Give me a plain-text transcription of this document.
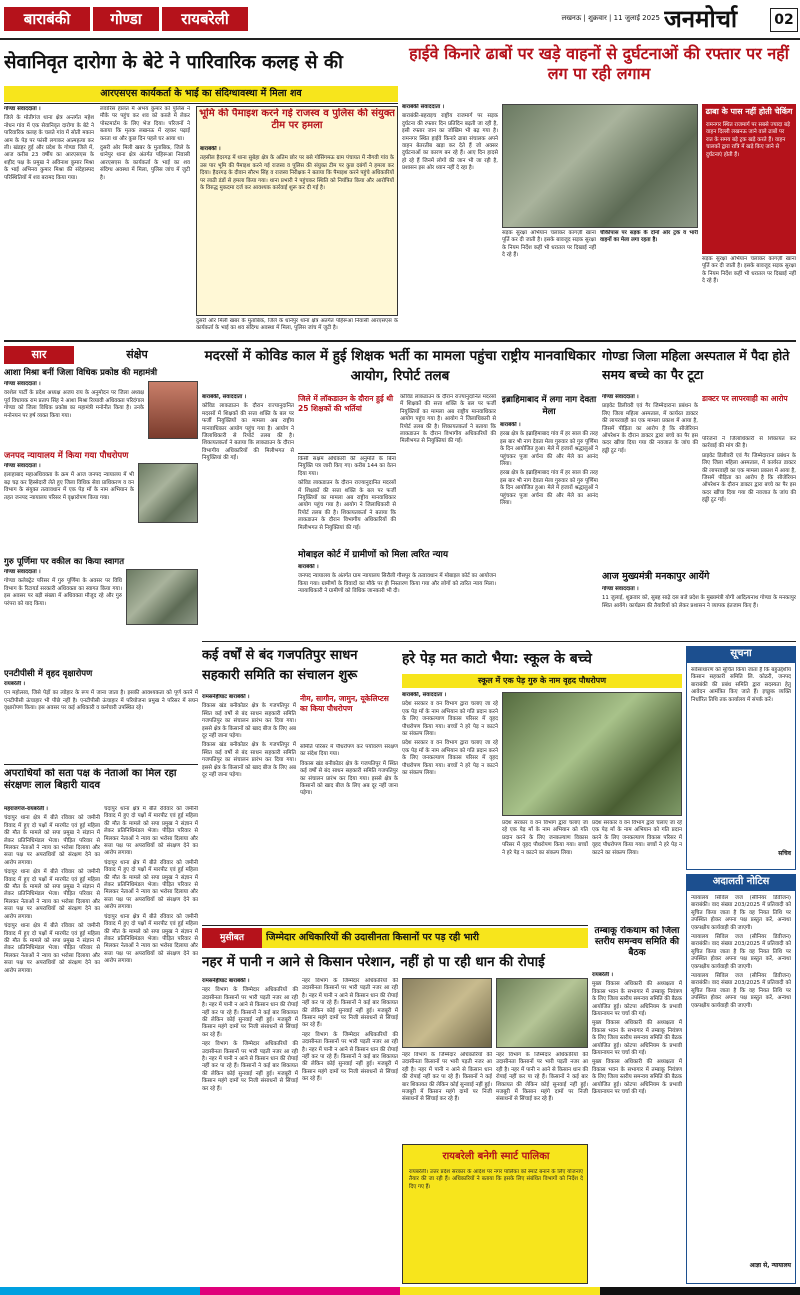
बाराबंकी	गोण्डा	रायबरेली	लखनऊ | शुक्रवार | 11 जुलाई 2025 जनमोर्चा	02
सेवानिवृत दारोगा के बेटे ने पारिवारिक कलह से की
आरएसएस कार्यकर्ता के भाई का संदिग्धावस्था में मिला शव

गोण्डा संवाददाता ।

जिले के मोतीगंज थाना क्षेत्र अन्तर्गत महेश नोधन गांव में एक सेवानिवृत दारोगा के बेटे ने पारिवारिक कलह के चलते गांव में सोती मकान आम के पेड़ पर फांसी लगाकर आत्महत्या कर ली। खंडहर हुई और प्रदेश के गोण्डा जिले में, आज करीब 23 वर्षीय का आरएसएस के शहीद पक्ष के प्रमुख ने अविनाश कुमार मिश्रा के भाई अभिनव कुमार मिश्रा की संदेहास्पद परिस्थितियों में शव बरामद किया गया।

लवारिस हालत में अभय कुमार को पुलिस ने मौके पर पहुंच कर शव को कब्जे में लेकर पोस्टमार्टम के लिए भेज दिया। परिजनों ने बताया कि मृतक लखनऊ में रहकर पढ़ाई करता था और कुछ दिन पहले घर आया था।

दुसरी ओर मिली खबर के मुताबिक, जिले के धानेपुर थाना क्षेत्र अंतर्गत पहिरूआ निवासी आरएसएस के कार्यकर्ता के भाई का शव संदिग्ध अवस्था में मिला, पुलिस जांच में जुटी है।

भूमि की पैमाइश करने गई राजस्व व पुलिस की संयुक्त टीम पर हमला

बाराबंकी ।

तहसील हैदरगढ़ में थाना सुबेहा क्षेत्र के अतिम छोर पर बसे गोसिंगमऊ ग्राम पंचायत में नौगवी गांव के उस पार भूमि की पैमाइश करने गई राजस्व व पुलिस की संयुक्त टीम पर कुछ दबंगों ने हमला कर दिया। हैदरगढ़ के दीवान सौरभ सिंह व राजस्व निरीक्षक ने बताया कि पैमाइश करने पहुंचे अधिकारियों पर लाठी डंडों से हमला किया गया। थाना प्रभारी ने पहुंचकर स्थिति को नियंत्रित किया और आरोपियों के विरुद्ध मुकदमा दर्ज कर आवश्यक कार्रवाई शुरू कर दी गई है।

दुसरी ओर मिली खबर के मुताबिक, जिले के धानेपुर थाना क्षेत्र अंतर्गत पहिरूआ निवासी आरएसएस के कार्यकर्ता के भाई का शव संदिग्ध अवस्था में मिला, पुलिस जांच में जुटी है।

हाईवे किनारे ढाबों पर खड़े वाहनों से दुर्घटनाओं की रफ्तार पर नहीं लग पा रही लगाम

बाराबंकी संवाददाता ।

बाराबंकी-बहराइच राष्ट्रीय राजमार्ग पर सड़क दुर्घटना की रफ्तार दिन प्रतिदिन बढ़ती जा रही है, इसी रफ्तार जान का जोखिम भी बढ़ गया है। रामनगर स्थित हाईवे किनारे ढाबा संचालक अपने वाहन बेतरतीब खड़ा कर देते हैं जो अक्सर दुर्घटनाओं का कारण बन रहे हैं। आए दिन हादसे हो रहे हैं जिनमें लोगों की जान भी जा रही है, प्रशासन इस ओर ध्यान नहीं दे रहा है।

चौकीपास पर सड़क के दोनों ओर ट्रक व भारी वाहनों का मेला लगा रहता है।

सड़क सुरक्षा अभियान चलाकर कागज़ी खाना पूर्ति कर दी जाती है। इसके बावजूद सड़क सुरक्षा के नियम निर्देश कहीं भी धरातल पर दिखाई नहीं दे रहे हैं।

ढाबा के पास नहीं होती चेकिंग
रामनगर स्थित राजमार्ग पर सबसे ज्यादा बड़े वाहन दिल्ली लखनऊ जाने वाले ढाबों पर रात के समय बड़े ट्रक खड़े करते हैं। वाहन चालकों द्वारा रात्रि में खड़े किए जाने से दुर्घटनाएं होती हैं।

सड़क सुरक्षा अभियान चलाकर कागज़ी खाना पूर्ति कर दी जाती है। इसके बावजूद सड़क सुरक्षा के नियम निर्देश कहीं भी धरातल पर दिखाई नहीं दे रहे हैं।

सार	संक्षेप
आशा मिश्रा बनीं जिला विधिक प्रकोष्ठ की महामंत्री

गोण्डा संवाददाता ।

वरशेल पार्टी के प्रदेश अध्यक्ष अजय राय के अनुमोदन पर जिला अध्यक्ष पूर्व विधायक राम प्रताप सिंह ने आशा मिश्रा रिव्यावी अधिवक्ता परिदंगाल गोण्डा को जिला विधिक प्रकोष्ठ का महामंत्री मनोनीत किया है। उनके मनोनयन पर हर्ष व्यक्त किया गया।

जनपद न्यायालय में किया गया पौधरोपण

गोण्डा संवाददाता ।

इलाहाबाद महाअधिवक्ता के क्रम में आज जनपद न्यायालय में भी बढ़ चढ़ कर हिस्सेदारी लेते हुए जिला विधिक सेवा प्राधिकरण व वन विभाग के संयुक्त तत्वावधान में एक पेड़ माँ के नाम अभियान के तहत जनपद न्यायालय परिसर में वृक्षारोपण किया गया।

गुरु पूर्णिमा पर वकील का किया स्वागत

गोण्डा संवाददाता ।

गोण्डा कलेक्ट्रेट परिसर में गुरु पूर्णिमा के अवसर पर विधि विभाग के रिटायर्ड सरकारी अधिवक्ता का स्वागत किया गया। इस अवसर पर बड़ी संख्या में अधिवक्ता मौजूद रहे और गुरु परंपरा को याद किया।

एनटीपीसी में वृहद वृक्षारोपण

रायबरेली ।

एन महोत्सव, जिसे पेड़ों का त्योहार के रूप में जाना जाता है। इसकी आवश्यकता को पूर्ण करने में एनटीपीसी ऊंचाहार भी पीछे नहीं है। एनटीपीसी ऊंचाहार में परियोजना प्रमुख ने परिसर में सघन वृक्षारोपण किया। इस अवसर पर कई अधिकारी व कर्मचारी उपस्थित रहे।

अपराधियों को सता पक्ष के नेताओं का मिल रहा संरक्षणः लाल बिहारी यादव

महराजगंज-रायबरेली ।

चंदापुर थाना क्षेत्र में बीते रविवार को जमीनी विवाद में हुए दो पक्षों में मारपीट एवं हुई महिला की मौत के मामले को सपा प्रमुख ने संज्ञान में लेकर प्रतिनिधिमंडल भेजा। पीड़ित परिवार से मिलकर नेताओं ने न्याय का भरोसा दिलाया और सत्ता पक्ष पर अपराधियों को संरक्षण देने का आरोप लगाया।

चंदापुर थाना क्षेत्र में बीते रविवार को जमीनी विवाद में हुए दो पक्षों में मारपीट एवं हुई महिला की मौत के मामले को सपा प्रमुख ने संज्ञान में लेकर प्रतिनिधिमंडल भेजा। पीड़ित परिवार से मिलकर नेताओं ने न्याय का भरोसा दिलाया और सत्ता पक्ष पर अपराधियों को संरक्षण देने का आरोप लगाया।

चंदापुर थाना क्षेत्र में बीते रविवार को जमीनी विवाद में हुए दो पक्षों में मारपीट एवं हुई महिला की मौत के मामले को सपा प्रमुख ने संज्ञान में लेकर प्रतिनिधिमंडल भेजा। पीड़ित परिवार से मिलकर नेताओं ने न्याय का भरोसा दिलाया और सत्ता पक्ष पर अपराधियों को संरक्षण देने का आरोप लगाया।

चंदापुर थाना क्षेत्र में बीते रविवार को जमीनी विवाद में हुए दो पक्षों में मारपीट एवं हुई महिला की मौत के मामले को सपा प्रमुख ने संज्ञान में लेकर प्रतिनिधिमंडल भेजा। पीड़ित परिवार से मिलकर नेताओं ने न्याय का भरोसा दिलाया और सत्ता पक्ष पर अपराधियों को संरक्षण देने का आरोप लगाया।

चंदापुर थाना क्षेत्र में बीते रविवार को जमीनी विवाद में हुए दो पक्षों में मारपीट एवं हुई महिला की मौत के मामले को सपा प्रमुख ने संज्ञान में लेकर प्रतिनिधिमंडल भेजा। पीड़ित परिवार से मिलकर नेताओं ने न्याय का भरोसा दिलाया और सत्ता पक्ष पर अपराधियों को संरक्षण देने का आरोप लगाया।

चंदापुर थाना क्षेत्र में बीते रविवार को जमीनी विवाद में हुए दो पक्षों में मारपीट एवं हुई महिला की मौत के मामले को सपा प्रमुख ने संज्ञान में लेकर प्रतिनिधिमंडल भेजा। पीड़ित परिवार से मिलकर नेताओं ने न्याय का भरोसा दिलाया और सत्ता पक्ष पर अपराधियों को संरक्षण देने का आरोप लगाया।

मदरसों में कोविड काल में हुई शिक्षक भर्ती का मामला पहुंचा राष्ट्रीय मानवाधिकार आयोग, रिपोर्ट तलब

बाराबंकी, संवाददाता ।

कोविड लाकडाउन के दौरान राज्यानुदानित मदरसों में शिक्षकों की सत्ता शक्ति के बल पर फर्जी नियुक्तियों का मामला अब राष्ट्रीय मानवाधिकार आयोग पहुंच गया है। आयोग ने जिलाधिकारी से रिपोर्ट तलब की है। शिकायतकर्ता ने बताया कि लाकडाउन के दौरान विभागीय अधिकारियों की मिलीभगत से नियुक्तियां की गईं।

जिले में लॉकडाउन के दौरान हुई थी 25 शिक्षकों की भर्तियां

किसी सक्षम अधिकारी की अनुमति के बिना नियुक्ति पत्र जारी किए गए। करीब 144 का वेतन दिया गया।

कोविड लाकडाउन के दौरान राज्यानुदानित मदरसों में शिक्षकों की सत्ता शक्ति के बल पर फर्जी नियुक्तियों का मामला अब राष्ट्रीय मानवाधिकार आयोग पहुंच गया है। आयोग ने जिलाधिकारी से रिपोर्ट तलब की है। शिकायतकर्ता ने बताया कि लाकडाउन के दौरान विभागीय अधिकारियों की मिलीभगत से नियुक्तियां की गईं।

कोविड लाकडाउन के दौरान राज्यानुदानित मदरसों में शिक्षकों की सत्ता शक्ति के बल पर फर्जी नियुक्तियों का मामला अब राष्ट्रीय मानवाधिकार आयोग पहुंच गया है। आयोग ने जिलाधिकारी से रिपोर्ट तलब की है। शिकायतकर्ता ने बताया कि लाकडाउन के दौरान विभागीय अधिकारियों की मिलीभगत से नियुक्तियां की गईं।

मोबाइल कोर्ट में ग्रामीणों को मिला त्वरित न्याय

बाराबंकी ।

जनपद न्यायालय के अंतर्गत ग्राम न्यायालय सिरौली गौसपुर के तत्वावधान में मोबाइल कोर्ट का आयोजन किया गया। ग्रामीणों के विवादों का मौके पर ही निस्तारण किया गया और लोगों को त्वरित न्याय मिला। न्यायाधिकारी ने ग्रामीणों को विधिक जानकारी भी दी।

इब्राहिमाबाद में लगा नाग देवता मेला

बाराबंकी ।

हरख क्षेत्र के इब्राहिमाबाद गांव में हर साल की तरह इस बार भी नाग देवता मेला गुरुवार को गुरु पूर्णिमा के दिन आयोजित हुआ। मेले में हजारों श्रद्धालुओं ने पहुंचकर पूजा अर्चना की और मेले का आनंद लिया।

हरख क्षेत्र के इब्राहिमाबाद गांव में हर साल की तरह इस बार भी नाग देवता मेला गुरुवार को गुरु पूर्णिमा के दिन आयोजित हुआ। मेले में हजारों श्रद्धालुओं ने पहुंचकर पूजा अर्चना की और मेले का आनंद लिया।

गोण्डा जिला महिला अस्पताल में पैदा होते समय बच्चे का पैर टूटा

गोण्डा संवाददाता ।

प्राइवेट डिलीवरी एवं गैर जिम्मेदाराना प्रबंधन के लिए जिला महिला अस्पताल, में कार्यरत डाक्टर की लापरवाही का एक मामला प्रकाश में आया है, जिसमें पीड़िता का आरोप है कि सीजेरियन ऑपरेशन के दौरान डाक्टर द्वारा बच्चे का पैर इस कदर खींचा दिया गया की नवजात के जांघ की हड्डी टूट गई।

डाक्टर पर लापरवाही का आरोप

परिजनों ने जिलाधिकारी से शिकायत कर कार्रवाई की मांग की है।

प्राइवेट डिलीवरी एवं गैर जिम्मेदाराना प्रबंधन के लिए जिला महिला अस्पताल, में कार्यरत डाक्टर की लापरवाही का एक मामला प्रकाश में आया है, जिसमें पीड़िता का आरोप है कि सीजेरियन ऑपरेशन के दौरान डाक्टर द्वारा बच्चे का पैर इस कदर खींचा दिया गया की नवजात के जांघ की हड्डी टूट गई।

आज मुख्यमंत्री मनकापुर आयेंगे

गोण्डा संवाददाता ।

11 जुलाई, शुक्रवार को, सुबह साढ़े दस बजे प्रदेश के मुख्यमंत्री योगी आदित्यनाथ गोण्डा के मनकापुर स्थित आयेंगे। कार्यक्रम की तैयारियों को लेकर प्रशासन ने व्यापक इंतजाम किए हैं।

कई वर्षों से बंद गजपतिपुर साधन सहकारी समिति का संचालन शुरू

रामसनेहीघाट बाराबंकी ।

विकास खंड बनीकोडर क्षेत्र के गजपतिपुर में स्थित कई वर्षों से बंद साधन सहकारी समिति गजपतिपुर का संचालन प्रारंभ कर दिया गया। इससे क्षेत्र के किसानों को खाद बीज के लिए अब दूर नहीं जाना पड़ेगा।

विकास खंड बनीकोडर क्षेत्र के गजपतिपुर में स्थित कई वर्षों से बंद साधन सहकारी समिति गजपतिपुर का संचालन प्रारंभ कर दिया गया। इससे क्षेत्र के किसानों को खाद बीज के लिए अब दूर नहीं जाना पड़ेगा।

नीम, सागौन, जामुन, यूकेलिप्टस का किया पौधरोपण

समिति परिसर में पौधरोपण कर पर्यावरण संरक्षण का संदेश दिया गया।

विकास खंड बनीकोडर क्षेत्र के गजपतिपुर में स्थित कई वर्षों से बंद साधन सहकारी समिति गजपतिपुर का संचालन प्रारंभ कर दिया गया। इससे क्षेत्र के किसानों को खाद बीज के लिए अब दूर नहीं जाना पड़ेगा।

हरे पेड़ मत काटो भैया: स्कूल के बच्चे
स्कूल में एक पेड़ गुरु के नाम वृहद पौधरोपण

बाराबंकी, संवाददाता ।

प्रदेश सरकार व वन विभाग द्वारा चलाए जा रहे एक पेड़ माँ के नाम अभियान को गति प्रदान करने के लिए जनकल्याण विकास परिसर में वृहद पौधरोपण किया गया। बच्चों ने हरे पेड़ न काटने का संकल्प लिया।

प्रदेश सरकार व वन विभाग द्वारा चलाए जा रहे एक पेड़ माँ के नाम अभियान को गति प्रदान करने के लिए जनकल्याण विकास परिसर में वृहद पौधरोपण किया गया। बच्चों ने हरे पेड़ न काटने का संकल्प लिया।

प्रदेश सरकार व वन विभाग द्वारा चलाए जा रहे एक पेड़ माँ के नाम अभियान को गति प्रदान करने के लिए जनकल्याण विकास परिसर में वृहद पौधरोपण किया गया। बच्चों ने हरे पेड़ न काटने का संकल्प लिया।

प्रदेश सरकार व वन विभाग द्वारा चलाए जा रहे एक पेड़ माँ के नाम अभियान को गति प्रदान करने के लिए जनकल्याण विकास परिसर में वृहद पौधरोपण किया गया। बच्चों ने हरे पेड़ न काटने का संकल्प लिया।

सूचना

सर्वसाधारण को सूचित किया जाता है कि बहुउद्देशीय किसान सहकारी समिति लि. कोठरी, जनपद बाराबंकी की प्रबंध समिति द्वारा सदस्यता हेतु आवेदन आमंत्रित किए जाते हैं। इच्छुक व्यक्ति निर्धारित तिथि तक कार्यालय में संपर्क करें।

सचिव
अदालती नोटिस

न्यायालय सिविल जज (सीनियर डिवीजन) बाराबंकी। वाद संख्या 203/2025 में प्रतिवादी को सूचित किया जाता है कि वह नियत तिथि पर उपस्थित होकर अपना पक्ष प्रस्तुत करें, अन्यथा एकपक्षीय कार्यवाही की जाएगी।

न्यायालय सिविल जज (सीनियर डिवीजन) बाराबंकी। वाद संख्या 203/2025 में प्रतिवादी को सूचित किया जाता है कि वह नियत तिथि पर उपस्थित होकर अपना पक्ष प्रस्तुत करें, अन्यथा एकपक्षीय कार्यवाही की जाएगी।

न्यायालय सिविल जज (सीनियर डिवीजन) बाराबंकी। वाद संख्या 203/2025 में प्रतिवादी को सूचित किया जाता है कि वह नियत तिथि पर उपस्थित होकर अपना पक्ष प्रस्तुत करें, अन्यथा एकपक्षीय कार्यवाही की जाएगी।

आज्ञा से, न्यायालय
तम्बाकू रोकथाम को जिला स्तरीय समन्वय समिति की बैठक

रायबरेली ।

मुख्य विकास अधिकारी की अध्यक्षता में विकास भवन के सभागार में तम्बाकू नियंत्रण के लिए जिला स्तरीय समन्वय समिति की बैठक आयोजित हुई। कोटपा अधिनियम के प्रभावी क्रियान्वयन पर चर्चा की गई।

मुख्य विकास अधिकारी की अध्यक्षता में विकास भवन के सभागार में तम्बाकू नियंत्रण के लिए जिला स्तरीय समन्वय समिति की बैठक आयोजित हुई। कोटपा अधिनियम के प्रभावी क्रियान्वयन पर चर्चा की गई।

मुख्य विकास अधिकारी की अध्यक्षता में विकास भवन के सभागार में तम्बाकू नियंत्रण के लिए जिला स्तरीय समन्वय समिति की बैठक आयोजित हुई। कोटपा अधिनियम के प्रभावी क्रियान्वयन पर चर्चा की गई।

मुसीबत	जिम्मेदार अधिकारियों की उदासीनता किसानों पर पड़ रही भारी
नहर में पानी न आने से किसान परेशान, नहीं हो पा रही धान की रोपाई

रामसनेहीघाट बाराबंकी ।

नहर विभाग के जिम्मेदार अधिकारियों की उदासीनता किसानों पर भारी पड़ती नजर आ रही है। नहर में पानी न आने से किसान धान की रोपाई नहीं कर पा रहे हैं। किसानों ने कई बार शिकायत की लेकिन कोई सुनवाई नहीं हुई। मजबूरी में किसान महंगे दामों पर निजी संसाधनों से सिंचाई कर रहे हैं।

नहर विभाग के जिम्मेदार अधिकारियों की उदासीनता किसानों पर भारी पड़ती नजर आ रही है। नहर में पानी न आने से किसान धान की रोपाई नहीं कर पा रहे हैं। किसानों ने कई बार शिकायत की लेकिन कोई सुनवाई नहीं हुई। मजबूरी में किसान महंगे दामों पर निजी संसाधनों से सिंचाई कर रहे हैं।

नहर विभाग के जिम्मेदार अधिकारियों की उदासीनता किसानों पर भारी पड़ती नजर आ रही है। नहर में पानी न आने से किसान धान की रोपाई नहीं कर पा रहे हैं। किसानों ने कई बार शिकायत की लेकिन कोई सुनवाई नहीं हुई। मजबूरी में किसान महंगे दामों पर निजी संसाधनों से सिंचाई कर रहे हैं।

नहर विभाग के जिम्मेदार अधिकारियों की उदासीनता किसानों पर भारी पड़ती नजर आ रही है। नहर में पानी न आने से किसान धान की रोपाई नहीं कर पा रहे हैं। किसानों ने कई बार शिकायत की लेकिन कोई सुनवाई नहीं हुई। मजबूरी में किसान महंगे दामों पर निजी संसाधनों से सिंचाई कर रहे हैं।

नहर विभाग के जिम्मेदार अधिकारियों की उदासीनता किसानों पर भारी पड़ती नजर आ रही है। नहर में पानी न आने से किसान धान की रोपाई नहीं कर पा रहे हैं। किसानों ने कई बार शिकायत की लेकिन कोई सुनवाई नहीं हुई। मजबूरी में किसान महंगे दामों पर निजी संसाधनों से सिंचाई कर रहे हैं।

नहर विभाग के जिम्मेदार अधिकारियों की उदासीनता किसानों पर भारी पड़ती नजर आ रही है। नहर में पानी न आने से किसान धान की रोपाई नहीं कर पा रहे हैं। किसानों ने कई बार शिकायत की लेकिन कोई सुनवाई नहीं हुई। मजबूरी में किसान महंगे दामों पर निजी संसाधनों से सिंचाई कर रहे हैं।

रायबरेली बनेगी स्मार्ट पालिका

रायबरेली। उत्तर प्रदेश सरकार के आदेश पर नगर पालिका को स्मार्ट बनाने के लिए योजनाएं तैयार की जा रही हैं। अधिकारियों ने बताया कि इसके लिए संबंधित विभागों को निर्देश दे दिए गए हैं।
